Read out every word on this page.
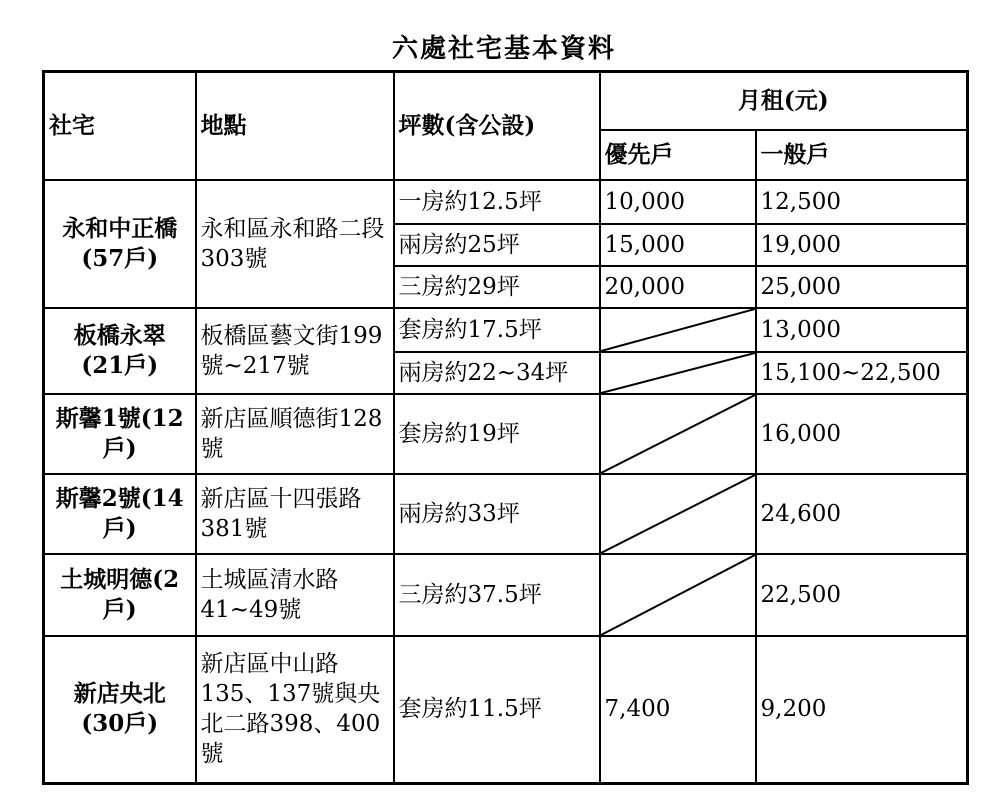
六處社宅基本資料
社宅	地點	坪數(含公設)	月租(元)	
			優先戶	一般戶

永和中正橋
(57戶)	永和區永和路二段303號	一房約12.5坪	10,000	12,500
		兩房約25坪	15,000	19,000
		三房約29坪	20,000	25,000

板橋永翠
(21戶)	板橋區藝文街199號~217號	套房約17.5坪		13,000
		兩房約22~34坪		15,100~22,500

斯馨1號(12
戶)	新店區順德街128號	套房約19坪		16,000

斯馨2號(14
戶)	新店區十四張路381號	兩房約33坪		24,600

土城明德(2
戶)	土城區清水路41~49號	三房約37.5坪		22,500

新店央北
(30戶)	新店區中山路135、137號與央北二路398、400號	套房約11.5坪	7,400	9,200
